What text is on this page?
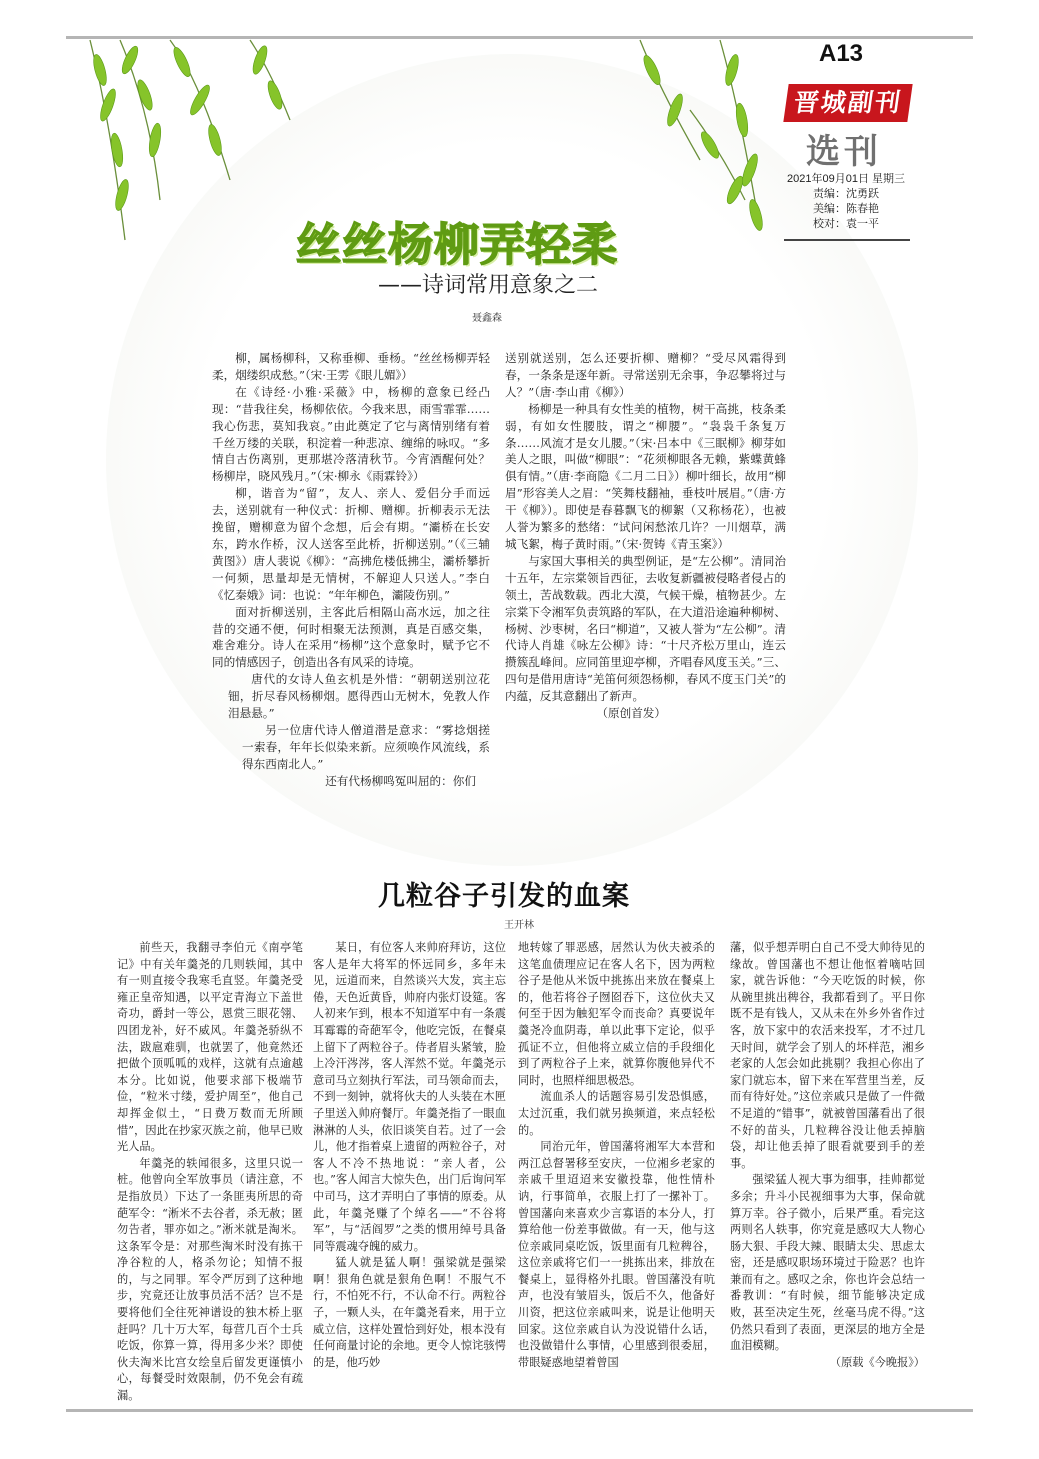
A13
晋城副刊
选刊
2021年09月01日 星期三
责编：沈勇跃
美编：陈春艳
校对：袁一平
丝丝杨柳弄轻柔
——诗词常用意象之二
聂鑫森

柳，属杨柳科，又称垂柳、垂杨。“丝丝杨柳弄轻柔，烟缕织成愁。”（宋·王雱《眼儿媚》）

在《诗经·小雅·采薇》中，杨柳的意象已经凸现：“昔我往矣，杨柳依依。今我来思，雨雪霏霏……我心伤悲，莫知我哀。”由此奠定了它与离情别绪有着千丝万缕的关联，积淀着一种悲凉、缠绵的咏叹。“多情自古伤离别，更那堪冷落清秋节。今宵酒醒何处？杨柳岸，晓风残月。”（宋·柳永《雨霖铃》）

柳，谐音为“留”，友人、亲人、爱侣分手而远去，送别就有一种仪式：折柳、赠柳。折柳表示无法挽留，赠柳意为留个念想，后会有期。“灞桥在长安东，跨水作桥，汉人送客至此桥，折柳送别。”（《三辅黄图》）唐人裴说《柳》：“高拂危楼低拂尘，灞桥攀折一何频，思量却是无情树，不解迎人只送人。”李白《忆秦娥》词：也说：“年年柳色，灞陵伤别。”

面对折柳送别，主客此后相隔山高水远，加之往昔的交通不便，何时相聚无法预测，真是百感交集，难舍难分。诗人在采用“杨柳”这个意象时，赋予它不同的情感因子，创造出各有风采的诗境。

唐代的女诗人鱼玄机是外惜：“朝朝送别泣花钿，折尽春风杨柳烟。愿得西山无树木，免教人作泪悬悬。”

另一位唐代诗人僧道潜是意求：“雾捻烟搓一索春，年年长似染来新。应须唤作风流线，系得东西南北人。”

还有代杨柳鸣冤叫屈的：你们

送别就送别，怎么还要折柳、赠柳？“受尽风霜得到春，一条条是逐年新。寻常送别无余事，争忍攀将过与人？”（唐·李山甫《柳》）

杨柳是一种具有女性美的植物，树干高挑，枝条柔弱，有如女性腰肢，谓之“柳腰”。“袅袅千条复万条……风流才是女儿腰。”（宋·吕本中《三眠柳》柳芽如美人之眼，叫做“柳眼”：“花须柳眼各无赖，紫蝶黄蜂俱有情。”（唐·李商隐《二月二日》）柳叶细长，故用“柳眉”形容美人之眉：“笑舞枝翻袖，垂枝叶展眉。”（唐·方干《柳》）。即使是春暮飘飞的柳絮（又称杨花），也被人誉为繁多的愁绪：“试问闲愁浓几许？一川烟草，满城飞絮，梅子黄时雨。”（宋·贺铸《青玉案》）

与家国大事相关的典型例证，是“左公柳”。清同治十五年，左宗棠领旨西征，去收复新疆被侵略者侵占的领土，苦战数载。西北大漠，气候干燥，植物甚少。左宗棠下令湘军负责筑路的军队，在大道沿途遍种柳树、杨树、沙枣树，名曰“柳道”，又被人誉为“左公柳”。清代诗人肖雄《咏左公柳》诗：“十尺齐松万里山，连云攒簇乱峰间。应同笛里迎亭柳，齐唱春风度玉关。”三、四句是借用唐诗“羌笛何须怨杨柳，春风不度玉门关”的内蕴，反其意翻出了新声。

（原创首发）

几粒谷子引发的血案
王开林

前些天，我翻寻李伯元《南亭笔记》中有关年羹尧的几则轶闻，其中有一则直接令我寒毛直竖。年羹尧受雍正皇帝知遇，以平定青海立下盖世奇功，爵封一等公，恩赏三眼花翎、四团龙补，好不威风。年羹尧骄纵不法，跋扈难驯，也就罢了，他竟然还把做个顶呱呱的戏样，这就有点逾越本分。比如说，他要求部下极端节俭，“粒米寸缕，爱护周至”，他自己却挥金似土，“日费万数而无所顾惜”，因此在抄家灭族之前，他早已败光人品。

年羹尧的轶闻很多，这里只说一桩。他曾向全军放事员（请注意，不是指放员）下达了一条匪夷所思的奇葩军令：“淅米不去谷者，杀无赦；匿勿告者，罪亦如之。”淅米就是淘米。这条军令是：对那些淘米时没有拣干净谷粒的人，格杀勿论；知情不报的，与之同罪。军令严厉到了这种地步，究竟还让放事员活不活？岂不是要将他们全往死神谱设的独木桥上驱赶吗？几十万大军，每营几百个士兵吃饭，你算一算，得用多少米？即使伙夫淘米比宫女绘皇后留发更谨慎小心，每餐受时效限制，仍不免会有疏漏。

某日，有位客人来帅府拜访，这位客人是年大将军的怀远同乡，多年未见，远道而来，自然谈兴大发，宾主忘倦，天色近黄昏，帅府内张灯设筵。客人初来乍到，根本不知道军中有一条震耳霉霉的奇葩军令，他吃完饭，在餐桌上留下了两粒谷子。侍者眉头紧皱，脸上冷汗涔涔，客人浑然不觉。年羹尧示意司马立刻执行军法，司马领命而去，不到一刻钟，就将伙夫的人头装在木匣子里送入帅府餐厅。年羹尧指了一眼血淋淋的人头，依旧谈笑自若。过了一会儿，他才指着桌上遗留的两粒谷子，对客人不冷不热地说：“亲人者，公也。”客人闻言大惊失色，出门后询问军中司马，这才弄明白了事情的原委。从此，年羹尧赚了个绰名——“不谷将军”，与“活阎罗”之类的惯用绰号具备同等震魂夺魄的威力。

猛人就是猛人啊！强梁就是强梁啊！狠角色就是狠角色啊！不服气不行，不怕死不行，不认命不行。两粒谷子，一颗人头，在年羹尧看来，用于立威立信，这样处置恰到好处，根本没有任何商量讨论的余地。更令人惊诧骇愕的是，他巧妙

地转嫁了罪恶感，居然认为伙夫被杀的这笔血债理应记在客人名下，因为两粒谷子是他从米饭中挑拣出来放在餐桌上的，他若将谷子囫囵吞下，这位伙夫又何至于因为触犯军令而丧命？真要说年羹尧冷血阴毒，单以此事下定论，似乎孤证不立，但他将立威立信的手段细化到了两粒谷子上来，就算你腹他异代不同时，也照样细思极恐。

流血杀人的话题容易引发恐惧感，太过沉重，我们就另换频道，来点轻松的。

同治元年，曾国藩将湘军大本营和两江总督署移至安庆，一位湘乡老家的亲戚千里迢迢来安徽投靠，他性情朴讷，行事简单，衣服上打了一摞补丁。曾国藩向来喜欢少言寡语的本分人，打算给他一份差事做做。有一天，他与这位亲戚同桌吃饭，饭里面有几粒稗谷，这位亲戚将它们一一挑拣出来，排放在餐桌上，显得格外扎眼。曾国藩没有吭声，也没有皱眉头，饭后不久，他备好川资，把这位亲戚叫来，说是让他明天回家。这位亲戚自认为没说错什么话，也没做错什么事情，心里感到很委屈，带眼疑惑地望着曾国

藩，似乎想弄明白自己不受大帅待见的缘故。曾国藩也不想让他怄着嘀咕回家，就告诉他：“今天吃饭的时候，你从碗里挑出稗谷，我都看到了。平日你既不是有钱人，又从未在外乡外省作过客，放下家中的农活来投军，才不过几天时间，就学会了别人的坏样范，湘乡老家的人怎会如此挑剔？我担心你出了家门就忘本，留下来在军营里当差，反而有待好处。”这位亲戚只是做了一件微不足道的“错事”，就被曾国藩看出了很不好的苗头，几粒稗谷没让他丢掉脑袋，却让他丢掉了眼看就要到手的差事。

强梁猛人视大事为细事，挂帅都觉多余；升斗小民视细事为大事，保命就算万幸。谷子微小，后果严重。看完这两则名人轶事，你究竟是感叹大人物心肠大狠、手段大辣、眼睛太尖、思虑太密，还是感叹职场环境过于险恶？也许兼而有之。感叹之余，你也许会总结一番教训：“有时候，细节能够决定成败，甚至决定生死，丝毫马虎不得。”这仍然只看到了表面，更深层的地方全是血泪模糊。

（原载《今晚报》）
